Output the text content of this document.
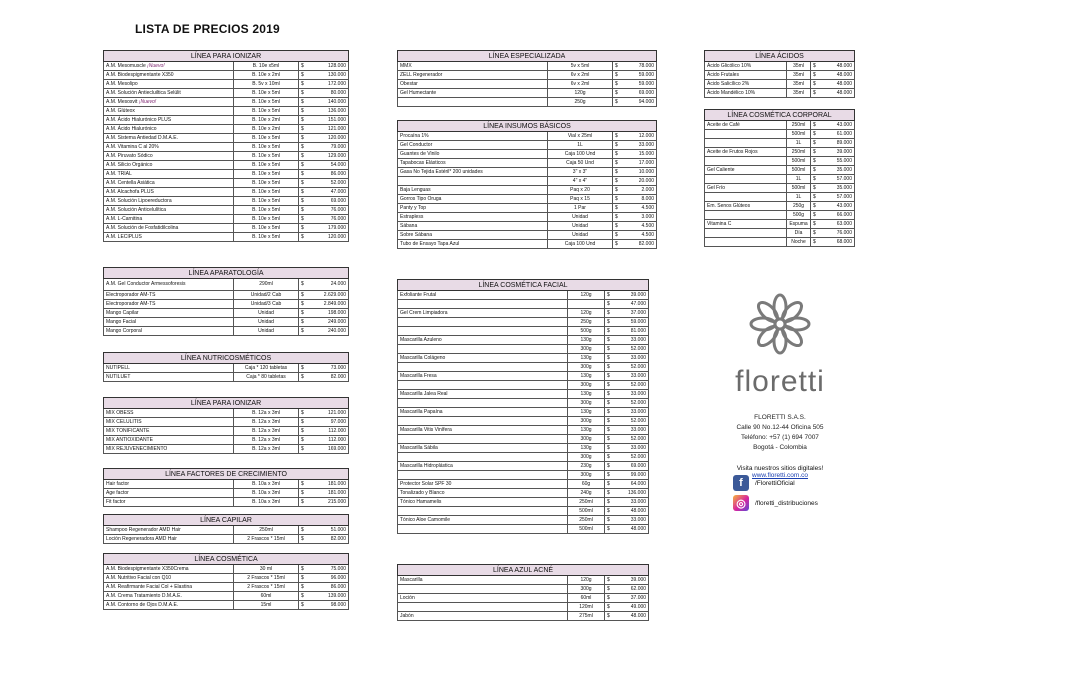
LISTA DE PRECIOS 2019
LÍNEA PARA IONIZAR			
A.M. Mesomuscle ¡Nuevo!	B. 10e x5ml	$	128.000
A.M. Biodespigmentante X350	B. 10e x 2ml	$	130.000
A.M. Mesolipo	B. 5v x 10ml	$	172.000
A.M. Solución Antiecluiltica Selülit	B. 10e x 5ml	$	80.000
A.M. Mesosvit ¡Nuevo!	B. 10e x 5ml	$	140.000
A.M. Glúteox	B. 10e x 5ml	$	136.000
A.M. Ácido Hialurónico PLUS	B. 10e x 2ml	$	151.000
A.M. Ácido Hialurónico	B. 10e x 2ml	$	121.000
A.M. Sistema Antiedad D.M.A.E.	B. 10e x 5ml	$	120.000
A.M. Vitamina C al 20%	B. 10e x 5ml	$	79.000
A.M. Piruvato Sódico	B. 10e x 5ml	$	129.000
A.M. Silicio Orgánico	B. 10e x 5ml	$	54.000
A.M. TRIAL	B. 10e x 5ml	$	86.000
A.M. Centella Asiática	B. 10e x 5ml	$	52.000
A.M. Alcachofa PLUS	B. 10e x 5ml	$	47.000
A.M. Solución Lipoereductora	B. 10e x 5ml	$	69.000
A.M. Solución Anticelulítica	B. 10e x 5ml	$	76.000
A.M. L-Carnitina	B. 10e x 5ml	$	76.000
A.M. Solución de Fosfatidilcolina	B. 10e x 5ml	$	179.000
A.M. LECIPLUS	B. 10e x 5ml	$	120.000
LÍNEA APARATOLOGÍA			
A.M. Gel Conductor Armessoforesis	290ml	$	24.000
Electroporador AM-TS	Unidad/2 Cab	$	2.629.000
Electroporador AM-TS	Unidad/3 Cab	$	2.849.000
Mango Capilar	Unidad	$	198.000
Mango Facial	Unidad	$	249.000
Mango Corporal	Unidad	$	240.000
LÍNEA NUTRICOSMÉTICOS			
NUTIPELL	Caja * 120 tabletas	$	73.000
NUTILUET	Caja * 80 tabletas	$	82.000
LÍNEA PARA IONIZAR			
MIX OBESS	B. 12a x 3ml	$	121.000
MIX CELULITIS	B. 12a x 3ml	$	97.000
MIX TONIFICANTE	B. 12a x 3ml	$	112.000
MIX ANTIOXIDANTE	B. 12a x 3ml	$	112.000
MIX REJUVENECIMIENTO	B. 12a x 3ml	$	169.000
LÍNEA FACTORES DE CRECIMIENTO			
Hair factor	B. 10a x 3ml	$	181.000
Age factor	B. 10a x 3ml	$	181.000
Fit factor	B. 10a x 3ml	$	215.000
LÍNEA CAPILAR			
Shampoo Regenerador AMD Hair	250ml	$	51.000
Loción Regeneradora AMD Hair	2 Frascos * 15ml	$	82.000
LÍNEA COSMÉTICA			
A.M. Biodespigmentante X350Crema	30 ml	$	75.000
A.M. Nutritivo Facial con Q10	2 Frascos * 15ml	$	96.000
A.M. Reafirmante Facial Col + Elastina	2 Frascos * 15ml	$	86.000
A.M. Crema Tratamiento D.M.A.E.	60ml	$	139.000
A.M. Contorno de Ojos D.M.A.E.	15ml	$	98.000
LÍNEA ESPECIALIZADA			
MMX	5v x 5ml	$	78.000
ZELL Regenerador	6v x 2ml	$	59.000
Obestar	6v x 2ml	$	59.000
Gel Humectante	120g	$	69.000
	250g	$	94.000
LÍNEA INSUMOS BÁSICOS			
Procaína 1%	Vial x 25ml	$	12.000
Gel Conductor	1L	$	33.000
Guantes de Vinilo	Caja 100 Und	$	15.000
Tapabocas Elásticos	Caja 50 Und	$	17.000
Gasa No Tejida Estéril* 200 unidades	3" x 3"	$	10.000
	4" x 4"	$	20.000
Baja Lenguas	Paq x 20	$	2.000
Gorros Tipo Oruga	Paq x 15	$	8.000
Panty y Top	1 Par	$	4.500
Estrapless	Unidad	$	3.000
Sábana	Unidad	$	4.500
Sobre Sábana	Unidad	$	4.500
Tubo de Ensayo Tapa Azul	Caja 100 Und	$	82.000
LÍNEA COSMÉTICA FACIAL			
Exfoliante Frutal	120g	$	39.000
		$	47.000
Gel Crem Limpiadora	120g	$	37.000
	250g	$	59.000
	500g	$	81.000
Mascarilla Azuleno	130g	$	33.000
	300g	$	52.000
Mascarilla Colágeno	130g	$	33.000
	300g	$	52.000
Mascarilla Fresa	130g	$	33.000
	300g	$	52.000
Mascarilla Jalea Real	130g	$	33.000
	300g	$	52.000
Mascarilla Papaína	130g	$	33.000
	300g	$	52.000
Mascarilla Vitis Vinífera	130g	$	33.000
	300g	$	52.000
Mascarilla Sábila	130g	$	33.000
	300g	$	52.000
Mascarilla Hidroplástica	230g	$	69.000
	300g	$	99.000
Protector Solar SPF 30	60g	$	64.000
Tonalizado y Blanco	240g	$	136.000
Tónico Hamamelis	250ml	$	33.000
	500ml	$	48.000
Tónico Aloe Camomile	250ml	$	33.000
	500ml	$	48.000
LÍNEA AZUL ACNÉ			
Mascarilla	120g	$	39.000
	300g	$	62.000
Loción	60ml	$	37.000
	120ml	$	49.000
Jabón	275ml	$	48.000
LÍNEA ÁCIDOS			
Ácido Glicólico 10%	35ml	$	48.000
Ácido Frutales	35ml	$	48.000
Ácido Salicílico 2%	35ml	$	48.000
Ácido Mandélico 10%	35ml	$	48.000
LÍNEA COSMÉTICA CORPORAL			
Aceite de Café	250ml	$	43.000
	500ml	$	61.000
	1L	$	89.000
Aceite de Frutos Rojos	250ml	$	39.000
	500ml	$	55.000
Gel Caliente	500ml	$	35.000
	1L	$	57.000
Gel Frío	500ml	$	35.000
	1L	$	57.000
Em. Senos Glúteos	250g	$	43.000
	500g	$	66.000
Vitamina C	Espuma	$	63.000
	Día	$	76.000
	Noche	$	68.000
floretti
FLORETTI S.A.S.
Calle 90 No.12-44 Oficina 505
Teléfono: +57 (1) 694 7007
Bogotá - Colombia
Visita nuestros sitios digitales!
www.floretti.com.co
f	/FlorettiOficial
◎	/floretti_distribuciones
